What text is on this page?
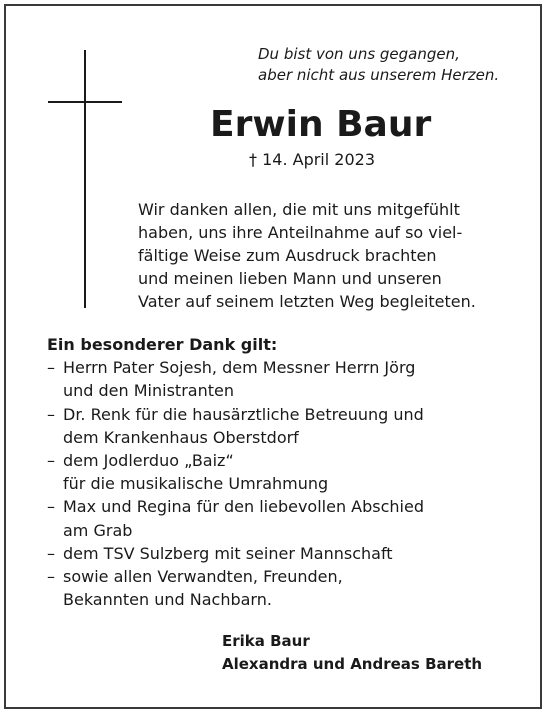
Du bist von uns gegangen,
aber nicht aus unserem Herzen.
Erwin Baur
† 14. April 2023
Wir danken allen, die mit uns mitgefühlt
haben, uns ihre Anteilnahme auf so viel-
fältige Weise zum Ausdruck brachten
und meinen lieben Mann und unseren
Vater auf seinem letzten Weg begleiteten.
Ein besonderer Dank gilt:
– Herrn Pater Sojesh, dem Messner Herrn Jörg
und den Ministranten
– Dr. Renk für die hausärztliche Betreuung und
dem Krankenhaus Oberstdorf
– dem Jodlerduo „Baiz“
für die musikalische Umrahmung
– Max und Regina für den liebevollen Abschied
am Grab
– dem TSV Sulzberg mit seiner Mannschaft
– sowie allen Verwandten, Freunden,
Bekannten und Nachbarn.
Erika Baur
Alexandra und Andreas Bareth
